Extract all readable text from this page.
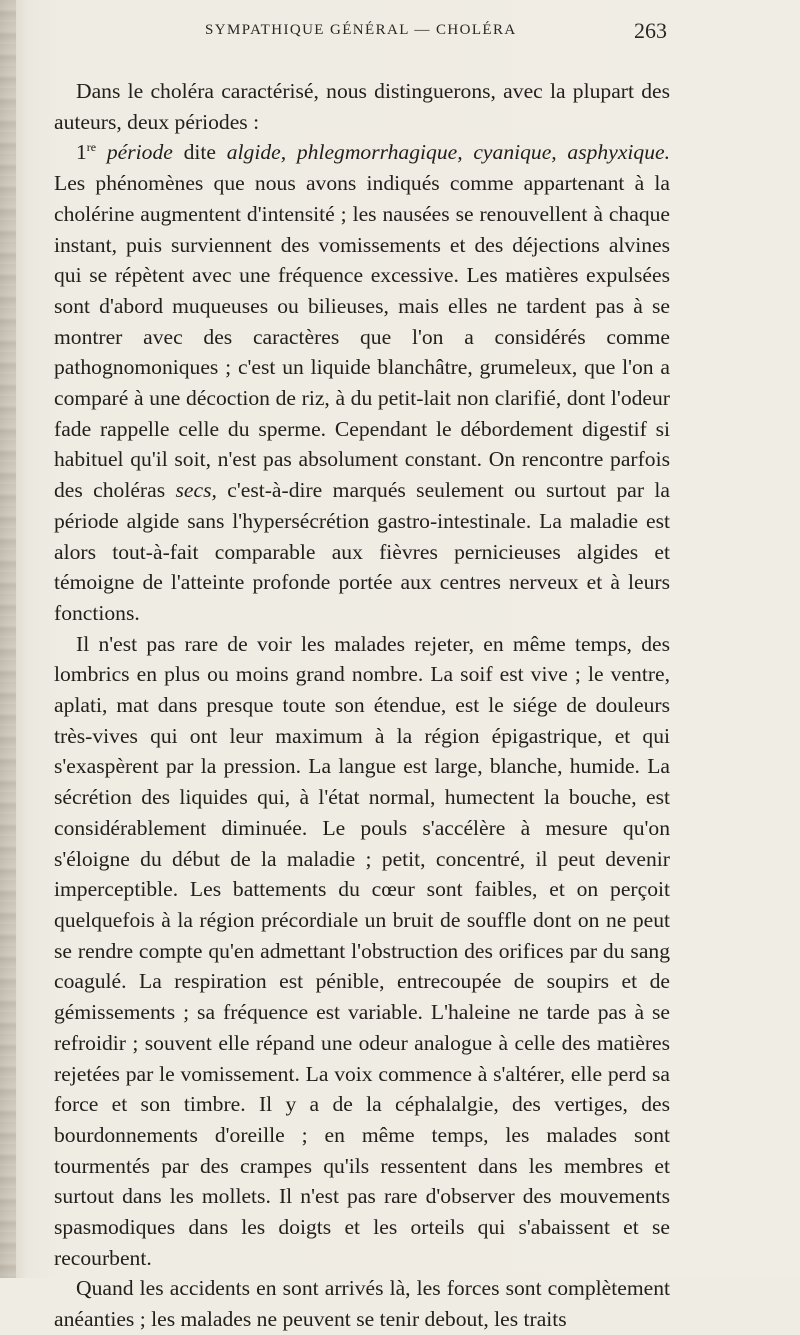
SYMPATHIQUE GÉNÉRAL — CHOLÉRA	263

Dans le choléra caractérisé, nous distinguerons, avec la plupart des auteurs, deux périodes :

1re période dite algide, phlegmorrhagique, cyanique, asphyxique. Les phénomènes que nous avons indiqués comme appartenant à la cholérine augmentent d'intensité ; les nausées se renouvellent à chaque instant, puis surviennent des vomissements et des déjections alvines qui se répètent avec une fréquence excessive. Les matières expulsées sont d'abord muqueuses ou bilieuses, mais elles ne tardent pas à se montrer avec des caractères que l'on a considérés comme pathognomoniques ; c'est un liquide blanchâtre, grumeleux, que l'on a comparé à une décoction de riz, à du petit-lait non clarifié, dont l'odeur fade rappelle celle du sperme. Cependant le débordement digestif si habituel qu'il soit, n'est pas absolument constant. On rencontre parfois des choléras secs, c'est-à-dire marqués seulement ou surtout par la période algide sans l'hypersécrétion gastro-intestinale. La maladie est alors tout-à-fait comparable aux fièvres pernicieuses algides et témoigne de l'atteinte profonde portée aux centres nerveux et à leurs fonctions.

Il n'est pas rare de voir les malades rejeter, en même temps, des lombrics en plus ou moins grand nombre. La soif est vive ; le ventre, aplati, mat dans presque toute son étendue, est le siége de douleurs très-vives qui ont leur maximum à la région épigastrique, et qui s'exaspèrent par la pression. La langue est large, blanche, humide. La sécrétion des liquides qui, à l'état normal, humectent la bouche, est considérablement diminuée. Le pouls s'accélère à mesure qu'on s'éloigne du début de la maladie ; petit, concentré, il peut devenir imperceptible. Les battements du cœur sont faibles, et on perçoit quelquefois à la région précordiale un bruit de souffle dont on ne peut se rendre compte qu'en admettant l'obstruction des orifices par du sang coagulé. La respiration est pénible, entrecoupée de soupirs et de gémissements ; sa fréquence est variable. L'haleine ne tarde pas à se refroidir ; souvent elle répand une odeur analogue à celle des matières rejetées par le vomissement. La voix commence à s'altérer, elle perd sa force et son timbre. Il y a de la céphalalgie, des vertiges, des bourdonnements d'oreille ; en même temps, les malades sont tourmentés par des crampes qu'ils ressentent dans les membres et surtout dans les mollets. Il n'est pas rare d'observer des mouvements spasmodiques dans les doigts et les orteils qui s'abaissent et se recourbent.

Quand les accidents en sont arrivés là, les forces sont complètement anéanties ; les malades ne peuvent se tenir debout, les traits
